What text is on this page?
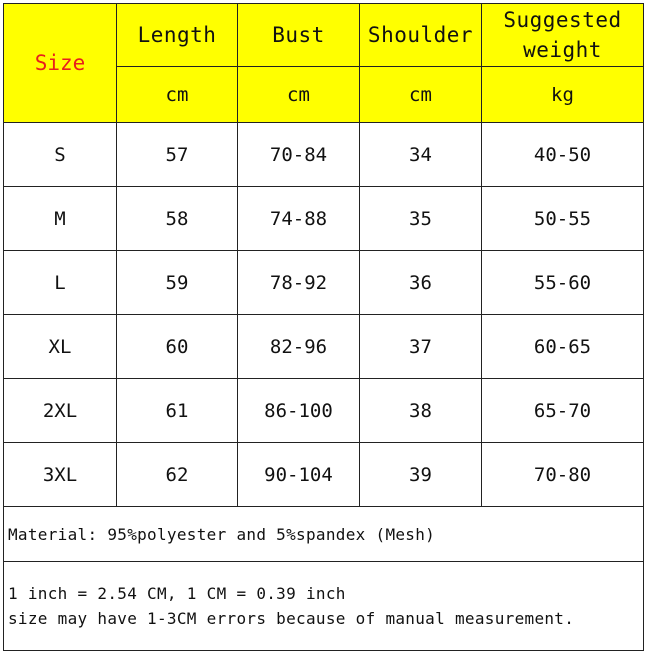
Size	Length	Bust	Shoulder	Suggested
weight

	cm	cm	cm	kg
S	57	70-84	34	40-50
M	58	74-88	35	50-55
L	59	78-92	36	55-60
XL	60	82-96	37	60-65
2XL	61	86-100	38	65-70
3XL	62	90-104	39	70-80

Material: 95%polyester and 5%spandex (Mesh)				

1 inch = 2.54 CM, 1 CM = 0.39 inch
size may have 1-3CM errors because of manual measurement.				
